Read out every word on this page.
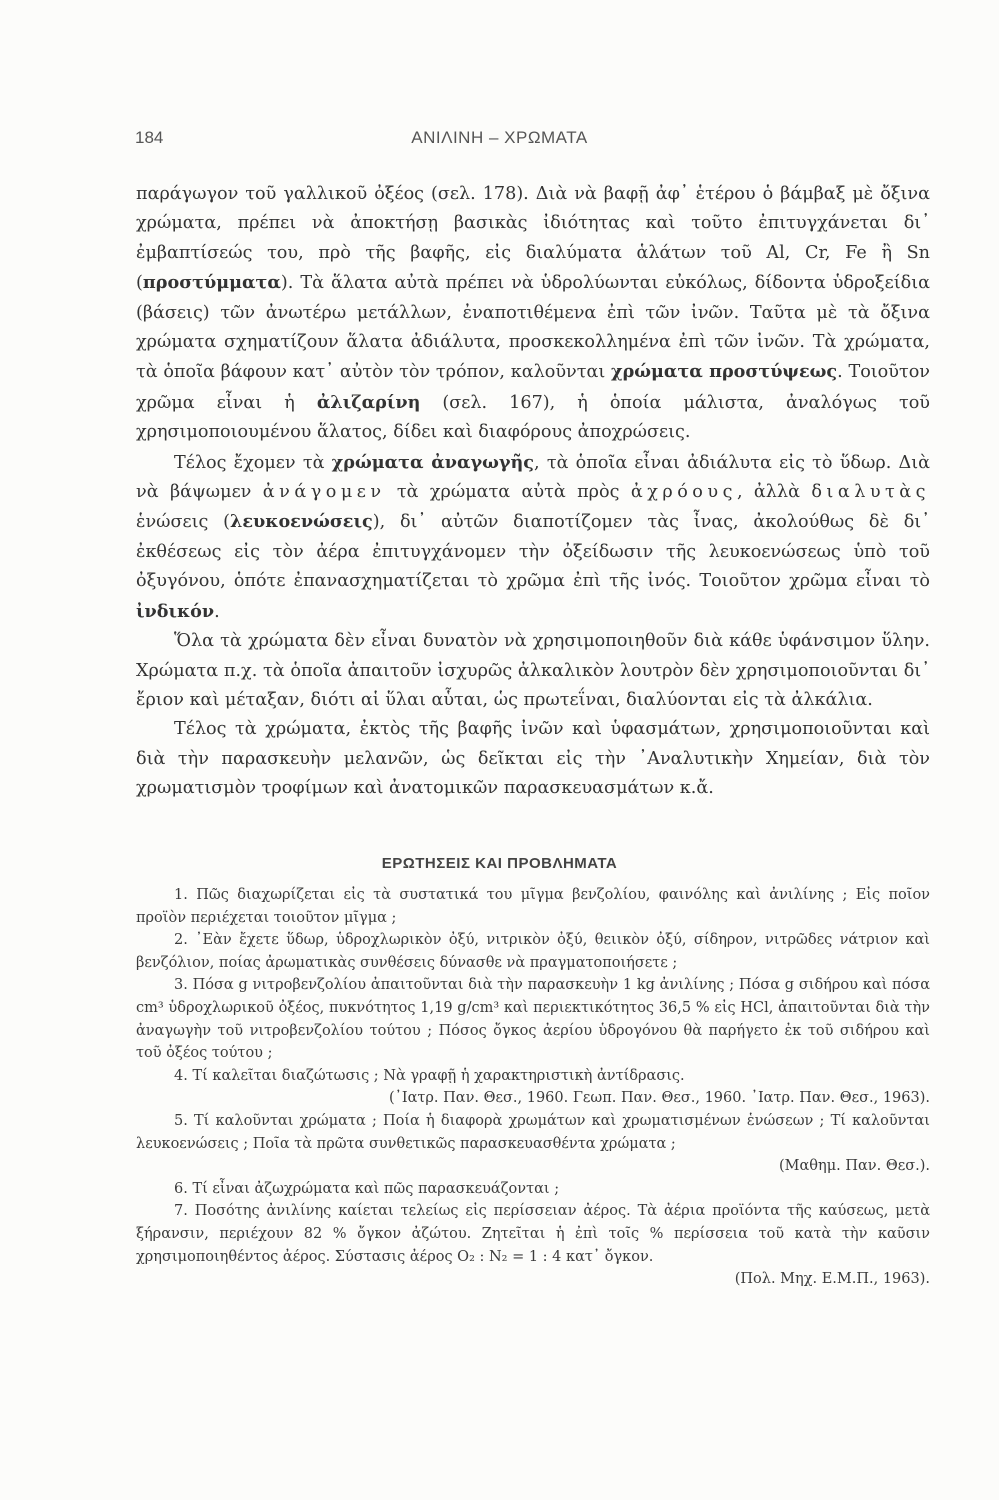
184	ΑΝΙΛΙΝΗ – ΧΡΩΜΑΤΑ

παράγωγον τοῦ γαλλικοῦ ὀξέος (σελ. 178). Διὰ νὰ βαφῇ ἀφ᾽ ἑτέρου ὁ βάμβαξ μὲ ὄξινα χρώματα, πρέπει νὰ ἀποκτήσῃ βασικὰς ἰδιότητας καὶ τοῦτο ἐπιτυγχάνεται δι᾽ ἐμβαπτίσεώς του, πρὸ τῆς βαφῆς, εἰς διαλύματα ἁλάτων τοῦ Al, Cr, Fe ἢ Sn (προστύμματα). Τὰ ἅλατα αὐτὰ πρέπει νὰ ὑδρολύωνται εὐκόλως, δίδοντα ὑδροξείδια (βάσεις) τῶν ἀνωτέρω μετάλλων, ἐναποτιθέμενα ἐπὶ τῶν ἰνῶν. Ταῦτα μὲ τὰ ὄξινα χρώματα σχηματίζουν ἅλατα ἀδιάλυτα, προσκεκολλημένα ἐπὶ τῶν ἰνῶν. Τὰ χρώματα, τὰ ὁποῖα βάφουν κατ᾽ αὐτὸν τὸν τρόπον, καλοῦνται χρώματα προστύψεως. Τοιοῦτον χρῶμα εἶναι ἡ ἀλιζαρίνη (σελ. 167), ἡ ὁποία μάλιστα, ἀναλόγως τοῦ χρησιμοποιουμένου ἅλατος, δίδει καὶ διαφόρους ἀποχρώσεις.

Τέλος ἔχομεν τὰ χρώματα ἀναγωγῆς, τὰ ὁποῖα εἶναι ἀδιάλυτα εἰς τὸ ὕδωρ. Διὰ νὰ βάψωμεν ἀνάγομεν τὰ χρώματα αὐτὰ πρὸς ἀχρόους, ἀλλὰ διαλυτὰς ἑνώσεις (λευκοενώσεις), δι᾽ αὐτῶν διαποτίζομεν τὰς ἶνας, ἀκολούθως δὲ δι᾽ ἐκθέσεως εἰς τὸν ἀέρα ἐπιτυγχάνομεν τὴν ὀξείδωσιν τῆς λευκοενώσεως ὑπὸ τοῦ ὀξυγόνου, ὁπότε ἐπανασχηματίζεται τὸ χρῶμα ἐπὶ τῆς ἰνός. Τοιοῦτον χρῶμα εἶναι τὸ ἰνδικόν.

Ὅλα τὰ χρώματα δὲν εἶναι δυνατὸν νὰ χρησιμοποιηθοῦν διὰ κάθε ὑφάνσιμον ὕλην. Χρώματα π.χ. τὰ ὁποῖα ἀπαιτοῦν ἰσχυρῶς ἀλκαλικὸν λουτρὸν δὲν χρησιμοποιοῦνται δι᾽ ἔριον καὶ μέταξαν, διότι αἱ ὕλαι αὗται, ὡς πρωτεΐναι, διαλύονται εἰς τὰ ἀλκάλια.

Τέλος τὰ χρώματα, ἐκτὸς τῆς βαφῆς ἰνῶν καὶ ὑφασμάτων, χρησιμοποιοῦνται καὶ διὰ τὴν παρασκευὴν μελανῶν, ὡς δεῖκται εἰς τὴν ᾿Αναλυτικὴν Χημείαν, διὰ τὸν χρωματισμὸν τροφίμων καὶ ἀνατομικῶν παρασκευασμάτων κ.ἄ.

ΕΡΩΤΗΣΕΙΣ ΚΑΙ ΠΡΟΒΛΗΜΑΤΑ

1. Πῶς διαχωρίζεται εἰς τὰ συστατικά του μῖγμα βενζολίου, φαινόλης καὶ ἀνιλίνης ; Εἰς ποῖον προϊὸν περιέχεται τοιοῦτον μῖγμα ;

2. ᾿Εὰν ἔχετε ὕδωρ, ὑδροχλωρικὸν ὀξύ, νιτρικὸν ὀξύ, θειικὸν ὀξύ, σίδηρον, νιτρῶδες νάτριον καὶ βενζόλιον, ποίας ἀρωματικὰς συνθέσεις δύνασθε νὰ πραγματοποιήσετε ;

3. Πόσα g νιτροβενζολίου ἀπαιτοῦνται διὰ τὴν παρασκευὴν 1 kg ἀνιλίνης ; Πόσα g σιδήρου καὶ πόσα cm³ ὑδροχλωρικοῦ ὀξέος, πυκνότητος 1,19 g/cm³ καὶ περιεκτικότητος 36,5 % εἰς HCl, ἀπαιτοῦνται διὰ τὴν ἀναγωγὴν τοῦ νιτροβενζολίου τούτου ; Πόσος ὄγκος ἀερίου ὑδρογόνου θὰ παρήγετο ἐκ τοῦ σιδήρου καὶ τοῦ ὀξέος τούτου ;

4. Τί καλεῖται διαζώτωσις ; Νὰ γραφῇ ἡ χαρακτηριστικὴ ἀντίδρασις.

(᾿Ιατρ. Παν. Θεσ., 1960. Γεωπ. Παν. Θεσ., 1960. ᾿Ιατρ. Παν. Θεσ., 1963).

5. Τί καλοῦνται χρώματα ; Ποία ἡ διαφορὰ χρωμάτων καὶ χρωματισμένων ἑνώσεων ; Τί καλοῦνται λευκοενώσεις ; Ποῖα τὰ πρῶτα συνθετικῶς παρασκευασθέντα χρώματα ;

(Μαθημ. Παν. Θεσ.).

6. Τί εἶναι ἀζωχρώματα καὶ πῶς παρασκευάζονται ;

7. Ποσότης ἀνιλίνης καίεται τελείως εἰς περίσσειαν ἀέρος. Τὰ ἀέρια προϊόντα τῆς καύσεως, μετὰ ξήρανσιν, περιέχουν 82 % ὄγκον ἀζώτου. Ζητεῖται ἡ ἐπὶ τοῖς % περίσσεια τοῦ κατὰ τὴν καῦσιν χρησιμοποιηθέντος ἀέρος. Σύστασις ἀέρος O₂ : N₂ = 1 : 4 κατ᾽ ὄγκον.

(Πολ. Μηχ. Ε.Μ.Π., 1963).
